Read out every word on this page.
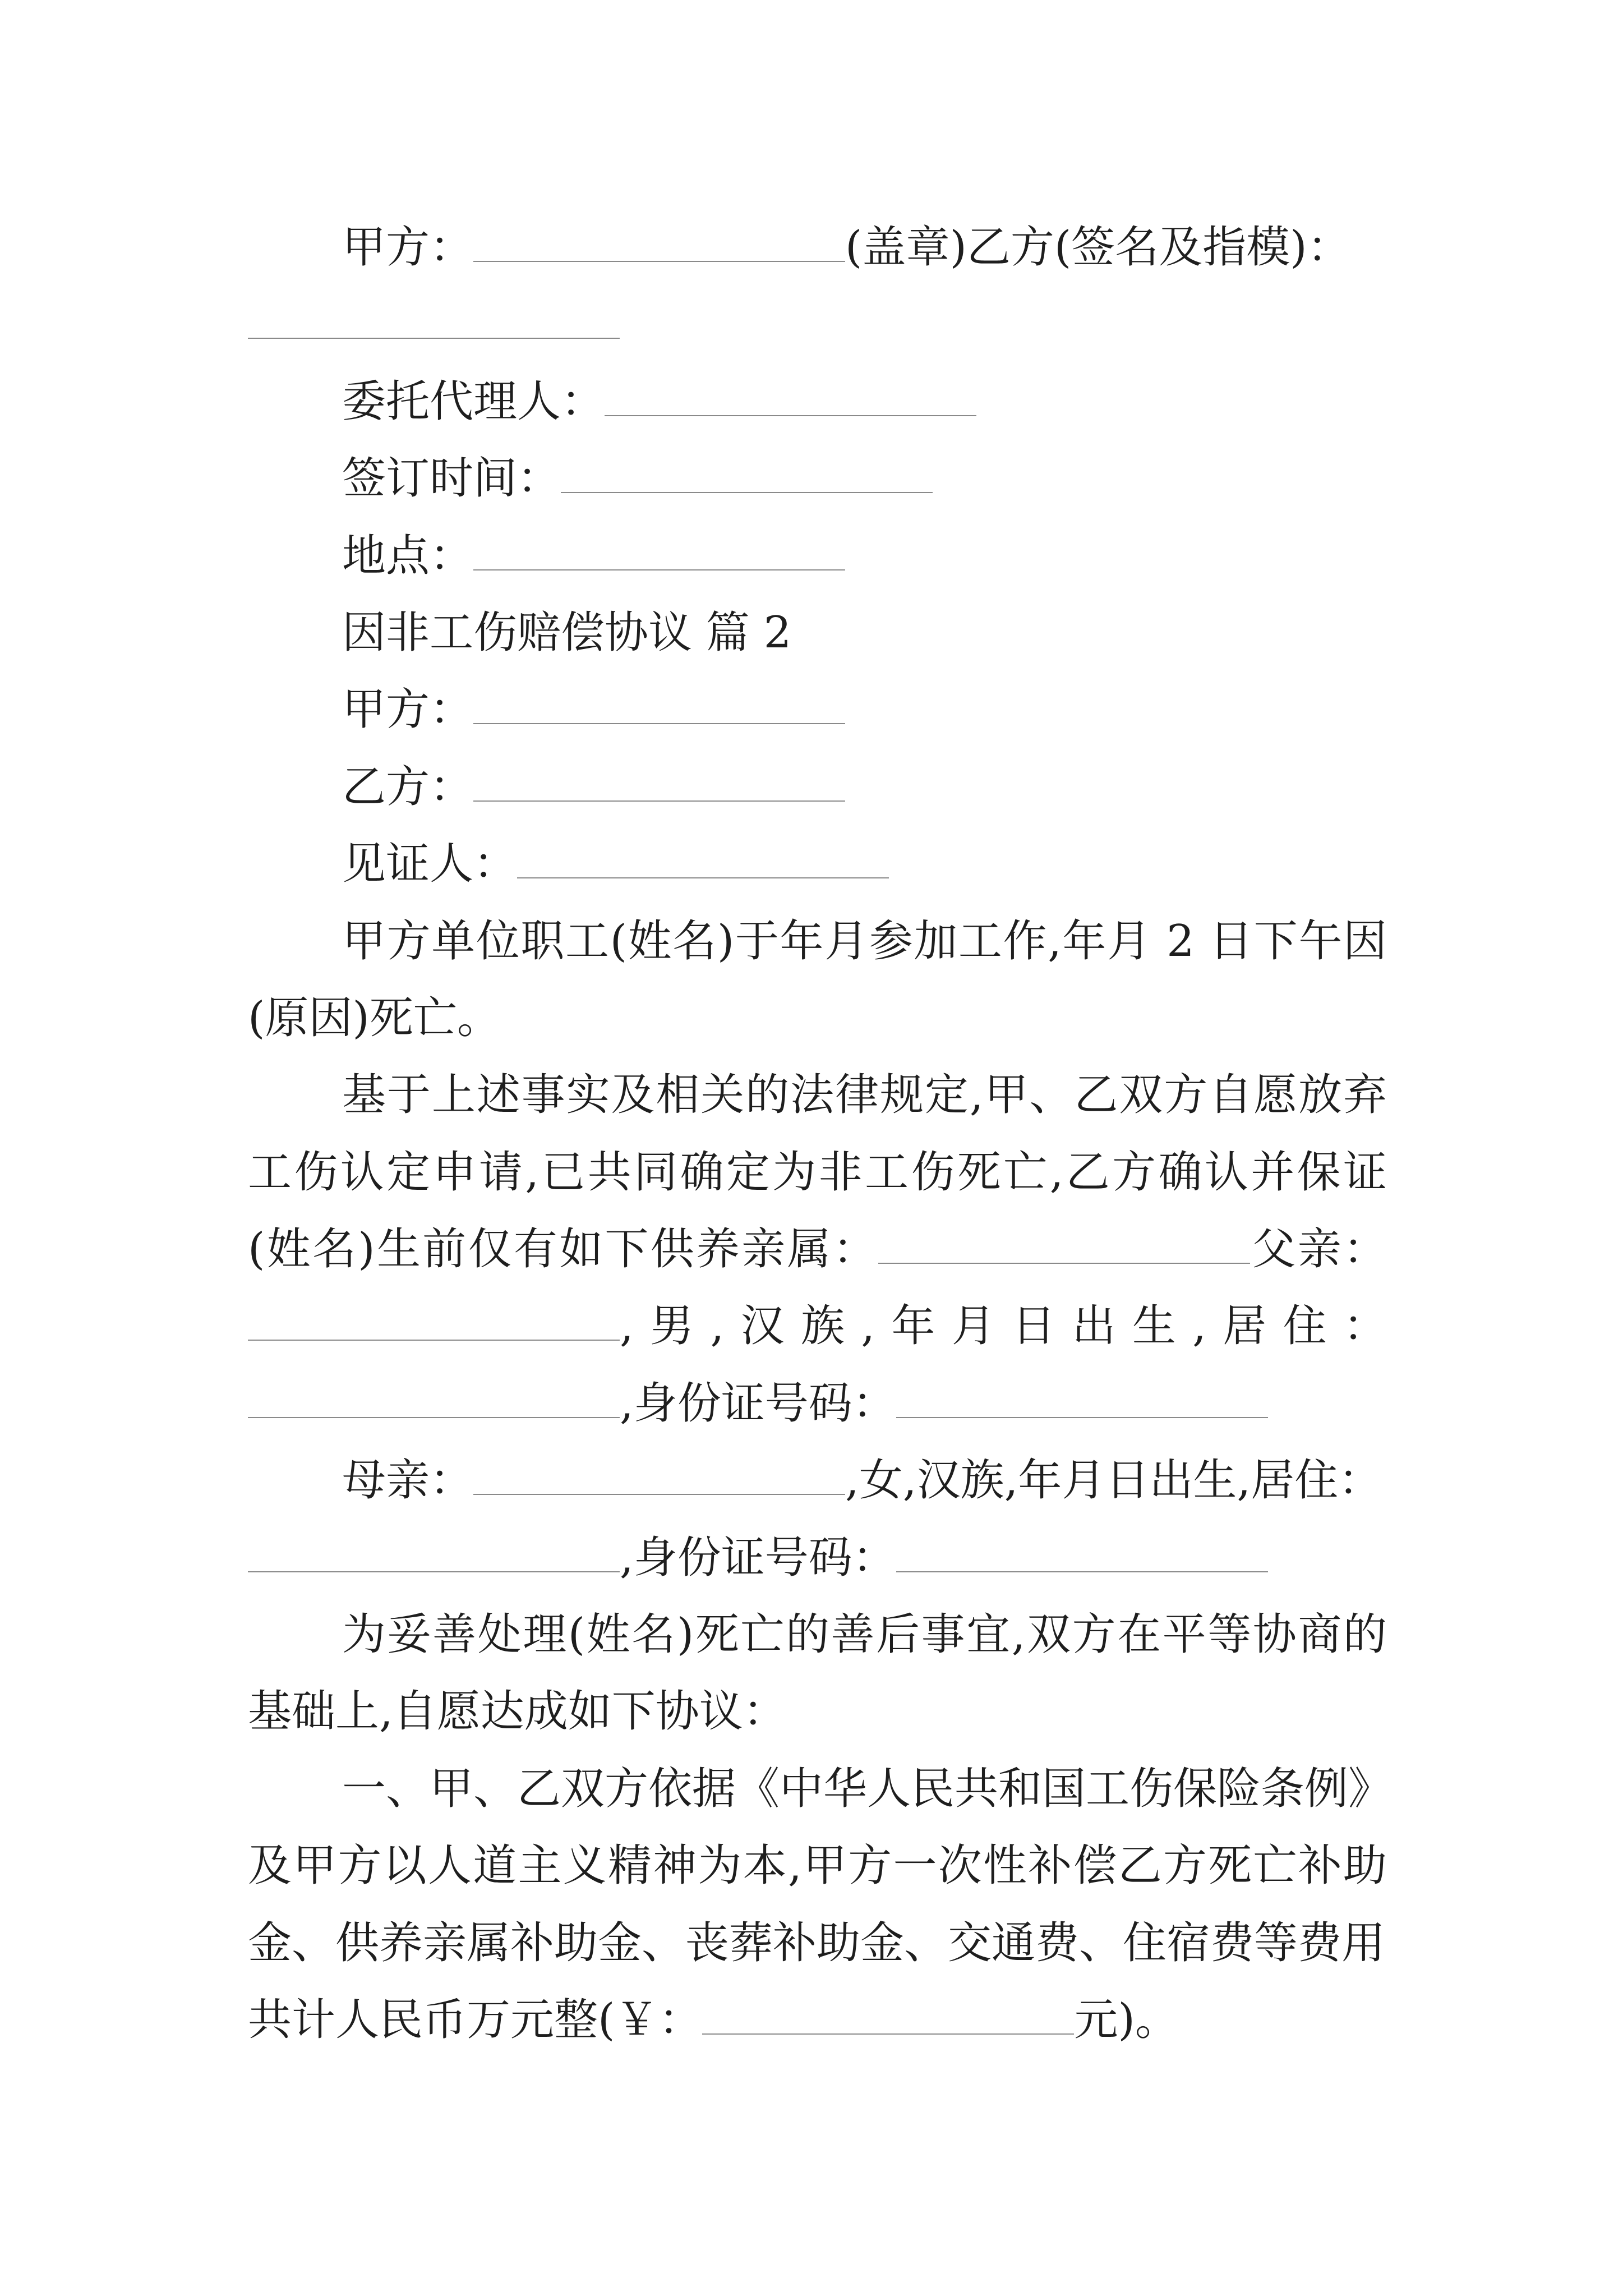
甲方：	(盖章)乙方(签名及指模)：
委托代理人：
签订时间：
地点：
因非工伤赔偿协议 篇 2
甲方：
乙方：
见证人：
甲方单位职工(姓名)于年月参加工作,年月 2 日下午因
(原因)死亡。
基于上述事实及相关的法律规定,甲、乙双方自愿放弃
工伤认定申请,已共同确定为非工伤死亡,乙方确认并保证
(姓名)生前仅有如下供养亲属：	父亲：
,男,汉族,年月日出生,居住：
,身份证号码：
母亲：	,女,汉族,年月日出生,居住：
,身份证号码：
为妥善处理(姓名)死亡的善后事宜,双方在平等协商的
基础上,自愿达成如下协议：
一、甲、乙双方依据《中华人民共和国工伤保险条例》
及甲方以人道主义精神为本,甲方一次性补偿乙方死亡补助
金、供养亲属补助金、丧葬补助金、交通费、住宿费等费用
共计人民币万元整(￥：	元)。
